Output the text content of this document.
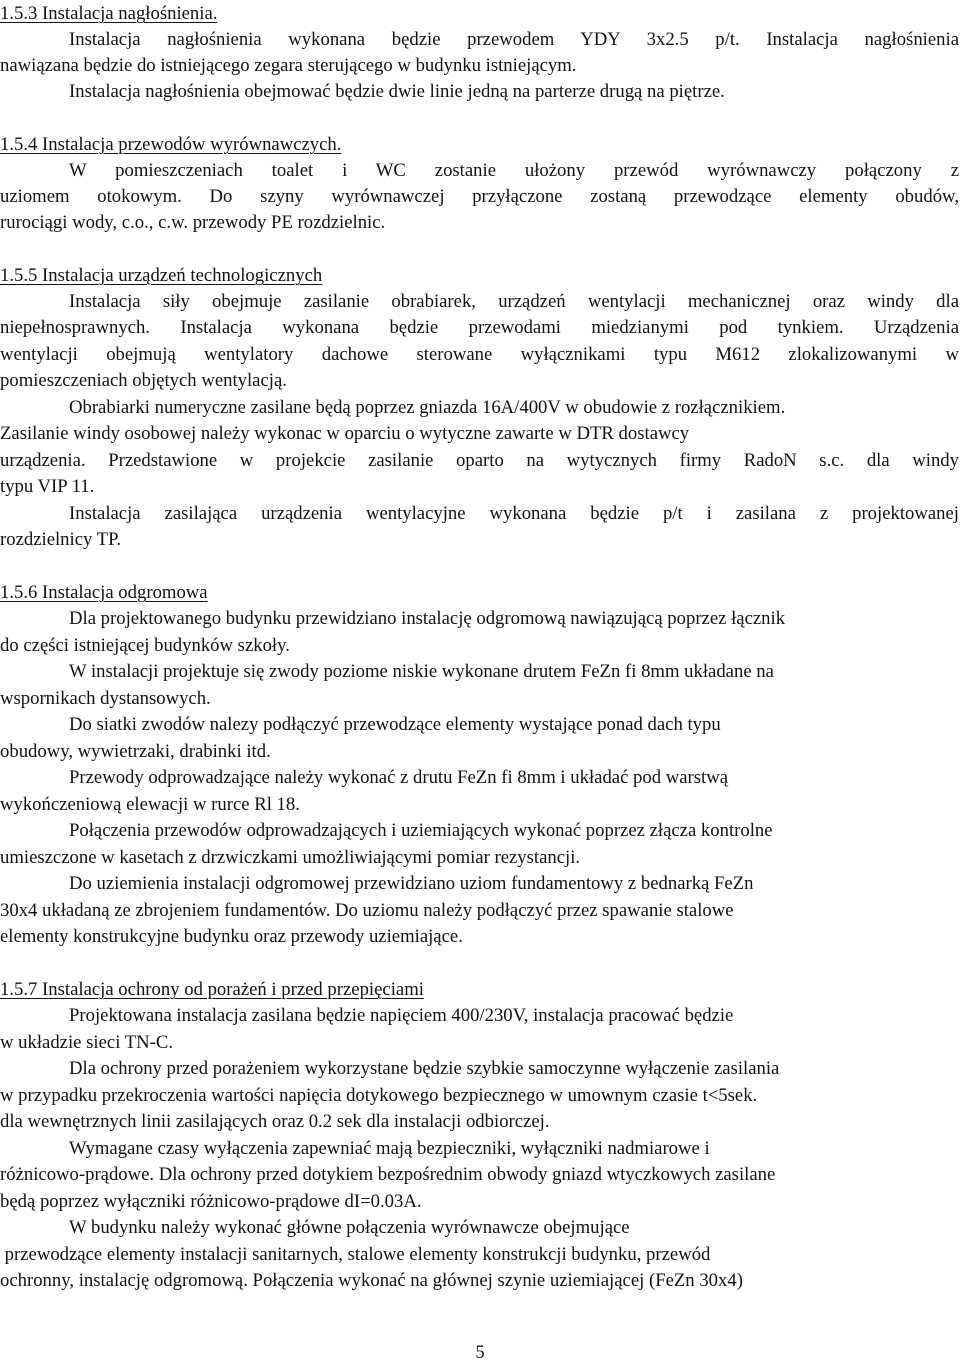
1.5.3 Instalacja nagłośnienia.
Instalacja nagłośnienia wykonana będzie przewodem YDY 3x2.5 p/t. Instalacja nagłośnienia
nawiązana będzie do istniejącego zegara sterującego w budynku istniejącym.
Instalacja nagłośnienia obejmować będzie dwie linie jedną na parterze drugą na piętrze.
1.5.4 Instalacja przewodów wyrównawczych.
W pomieszczeniach toalet i WC zostanie ułożony przewód wyrównawczy połączony z
uziomem otokowym. Do szyny wyrównawczej przyłączone zostaną przewodzące elementy obudów,
rurociągi wody, c.o., c.w. przewody PE rozdzielnic.
1.5.5 Instalacja urządzeń technologicznych
Instalacja siły obejmuje zasilanie obrabiarek, urządzeń wentylacji mechanicznej oraz windy dla
niepełnosprawnych. Instalacja wykonana będzie przewodami miedzianymi pod tynkiem. Urządzenia
wentylacji obejmują wentylatory dachowe sterowane wyłącznikami typu M612 zlokalizowanymi w
pomieszczeniach objętych wentylacją.
Obrabiarki numeryczne zasilane będą poprzez gniazda 16A/400V w obudowie z rozłącznikiem.
Zasilanie windy osobowej należy wykonac w oparciu o wytyczne zawarte w DTR dostawcy
urządzenia. Przedstawione w projekcie zasilanie oparto na wytycznych firmy RadoN s.c. dla windy
typu VIP 11.
Instalacja zasilająca urządzenia wentylacyjne wykonana będzie p/t i zasilana z projektowanej
rozdzielnicy TP.
1.5.6 Instalacja odgromowa
Dla projektowanego budynku przewidziano instalację odgromową nawiązującą poprzez łącznik
do części istniejącej budynków szkoły.
W instalacji projektuje się zwody poziome niskie wykonane drutem FeZn fi 8mm układane na
wspornikach dystansowych.
Do siatki zwodów nalezy podłączyć przewodzące elementy wystające ponad dach typu
obudowy, wywietrzaki, drabinki itd.
Przewody odprowadzające należy wykonać z drutu FeZn fi 8mm i układać pod warstwą
wykończeniową elewacji w rurce Rl 18.
Połączenia przewodów odprowadzających i uziemiających wykonać poprzez złącza kontrolne
umieszczone w kasetach z drzwiczkami umożliwiającymi pomiar rezystancji.
Do uziemienia instalacji odgromowej przewidziano uziom fundamentowy z bednarką FeZn
30x4 układaną ze zbrojeniem fundamentów. Do uziomu należy podłączyć przez spawanie stalowe
elementy konstrukcyjne budynku oraz przewody uziemiające.
1.5.7 Instalacja ochrony od porażeń i przed przepięciami
Projektowana instalacja zasilana będzie napięciem 400/230V, instalacja pracować będzie
w układzie sieci TN-C.
Dla ochrony przed porażeniem wykorzystane będzie szybkie samoczynne wyłączenie zasilania
w przypadku przekroczenia wartości napięcia dotykowego bezpiecznego w umownym czasie t<5sek.
dla wewnętrznych linii zasilających oraz 0.2 sek dla instalacji odbiorczej.
Wymagane czasy wyłączenia zapewniać mają bezpieczniki, wyłączniki nadmiarowe i
różnicowo-prądowe. Dla ochrony przed dotykiem bezpośrednim obwody gniazd wtyczkowych zasilane
będą poprzez wyłączniki różnicowo-prądowe dI=0.03A.
W budynku należy wykonać główne połączenia wyrównawcze obejmujące
przewodzące elementy instalacji sanitarnych, stalowe elementy konstrukcji budynku, przewód
ochronny, instalację odgromową. Połączenia wykonać na głównej szynie uziemiającej (FeZn 30x4)
5
